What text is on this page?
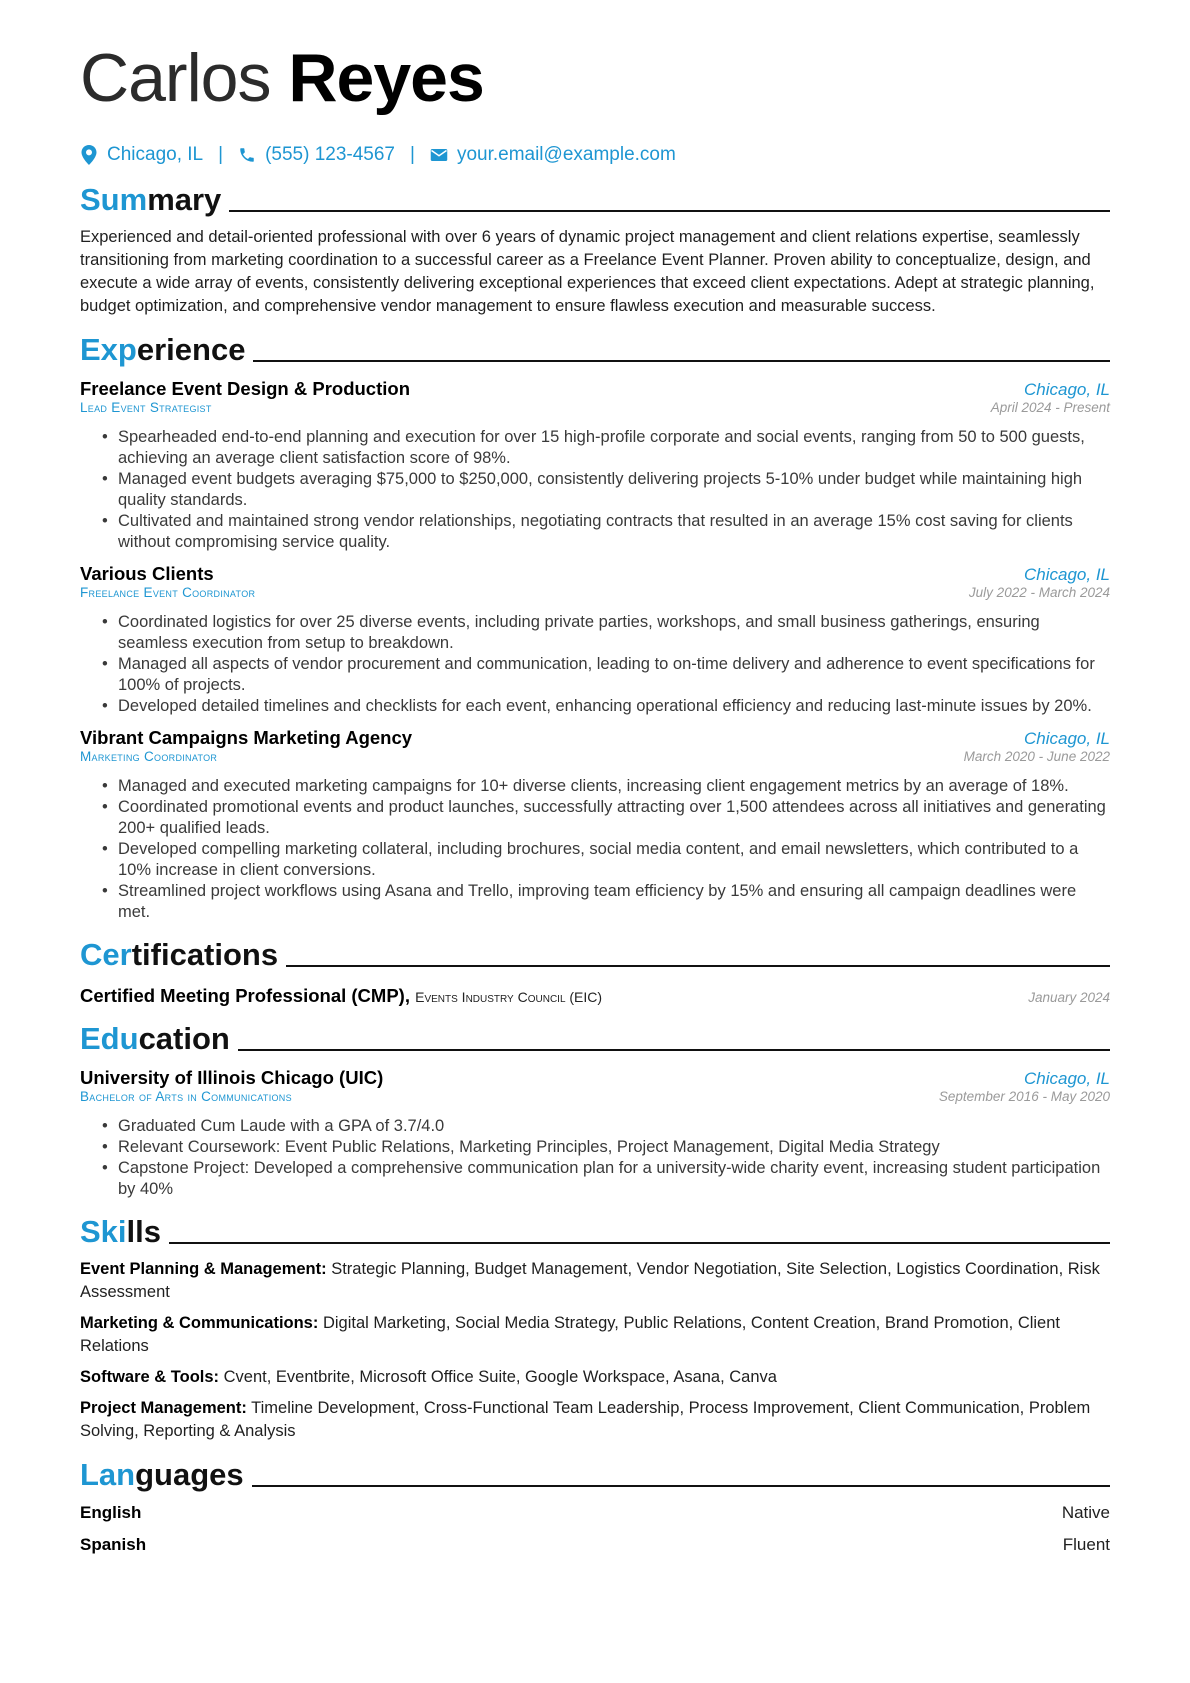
Carlos Reyes
Chicago, IL | (555) 123-4567 | your.email@example.com
Summary
Experienced and detail-oriented professional with over 6 years of dynamic project management and client relations expertise, seamlessly transitioning from marketing coordination to a successful career as a Freelance Event Planner. Proven ability to conceptualize, design, and execute a wide array of events, consistently delivering exceptional experiences that exceed client expectations. Adept at strategic planning, budget optimization, and comprehensive vendor management to ensure flawless execution and measurable success.
Experience
Freelance Event Design & Production	Chicago, IL
Lead Event Strategist	April 2024 - Present
• Spearheaded end-to-end planning and execution for over 15 high-profile corporate and social events, ranging from 50 to 500 guests, achieving an average client satisfaction score of 98%.
• Managed event budgets averaging $75,000 to $250,000, consistently delivering projects 5-10% under budget while maintaining high quality standards.
• Cultivated and maintained strong vendor relationships, negotiating contracts that resulted in an average 15% cost saving for clients without compromising service quality.
Various Clients	Chicago, IL
Freelance Event Coordinator	July 2022 - March 2024
• Coordinated logistics for over 25 diverse events, including private parties, workshops, and small business gatherings, ensuring seamless execution from setup to breakdown.
• Managed all aspects of vendor procurement and communication, leading to on-time delivery and adherence to event specifications for 100% of projects.
• Developed detailed timelines and checklists for each event, enhancing operational efficiency and reducing last-minute issues by 20%.
Vibrant Campaigns Marketing Agency	Chicago, IL
Marketing Coordinator	March 2020 - June 2022
• Managed and executed marketing campaigns for 10+ diverse clients, increasing client engagement metrics by an average of 18%.
• Coordinated promotional events and product launches, successfully attracting over 1,500 attendees across all initiatives and generating 200+ qualified leads.
• Developed compelling marketing collateral, including brochures, social media content, and email newsletters, which contributed to a 10% increase in client conversions.
• Streamlined project workflows using Asana and Trello, improving team efficiency by 15% and ensuring all campaign deadlines were met.
Certifications
Certified Meeting Professional (CMP), Events Industry Council (EIC)	January 2024
Education
University of Illinois Chicago (UIC)	Chicago, IL
Bachelor of Arts in Communications	September 2016 - May 2020
• Graduated Cum Laude with a GPA of 3.7/4.0
• Relevant Coursework: Event Public Relations, Marketing Principles, Project Management, Digital Media Strategy
• Capstone Project: Developed a comprehensive communication plan for a university-wide charity event, increasing student participation by 40%
Skills
Event Planning & Management: Strategic Planning, Budget Management, Vendor Negotiation, Site Selection, Logistics Coordination, Risk Assessment
Marketing & Communications: Digital Marketing, Social Media Strategy, Public Relations, Content Creation, Brand Promotion, Client Relations
Software & Tools: Cvent, Eventbrite, Microsoft Office Suite, Google Workspace, Asana, Canva
Project Management: Timeline Development, Cross-Functional Team Leadership, Process Improvement, Client Communication, Problem Solving, Reporting & Analysis
Languages
English	Native
Spanish	Fluent
